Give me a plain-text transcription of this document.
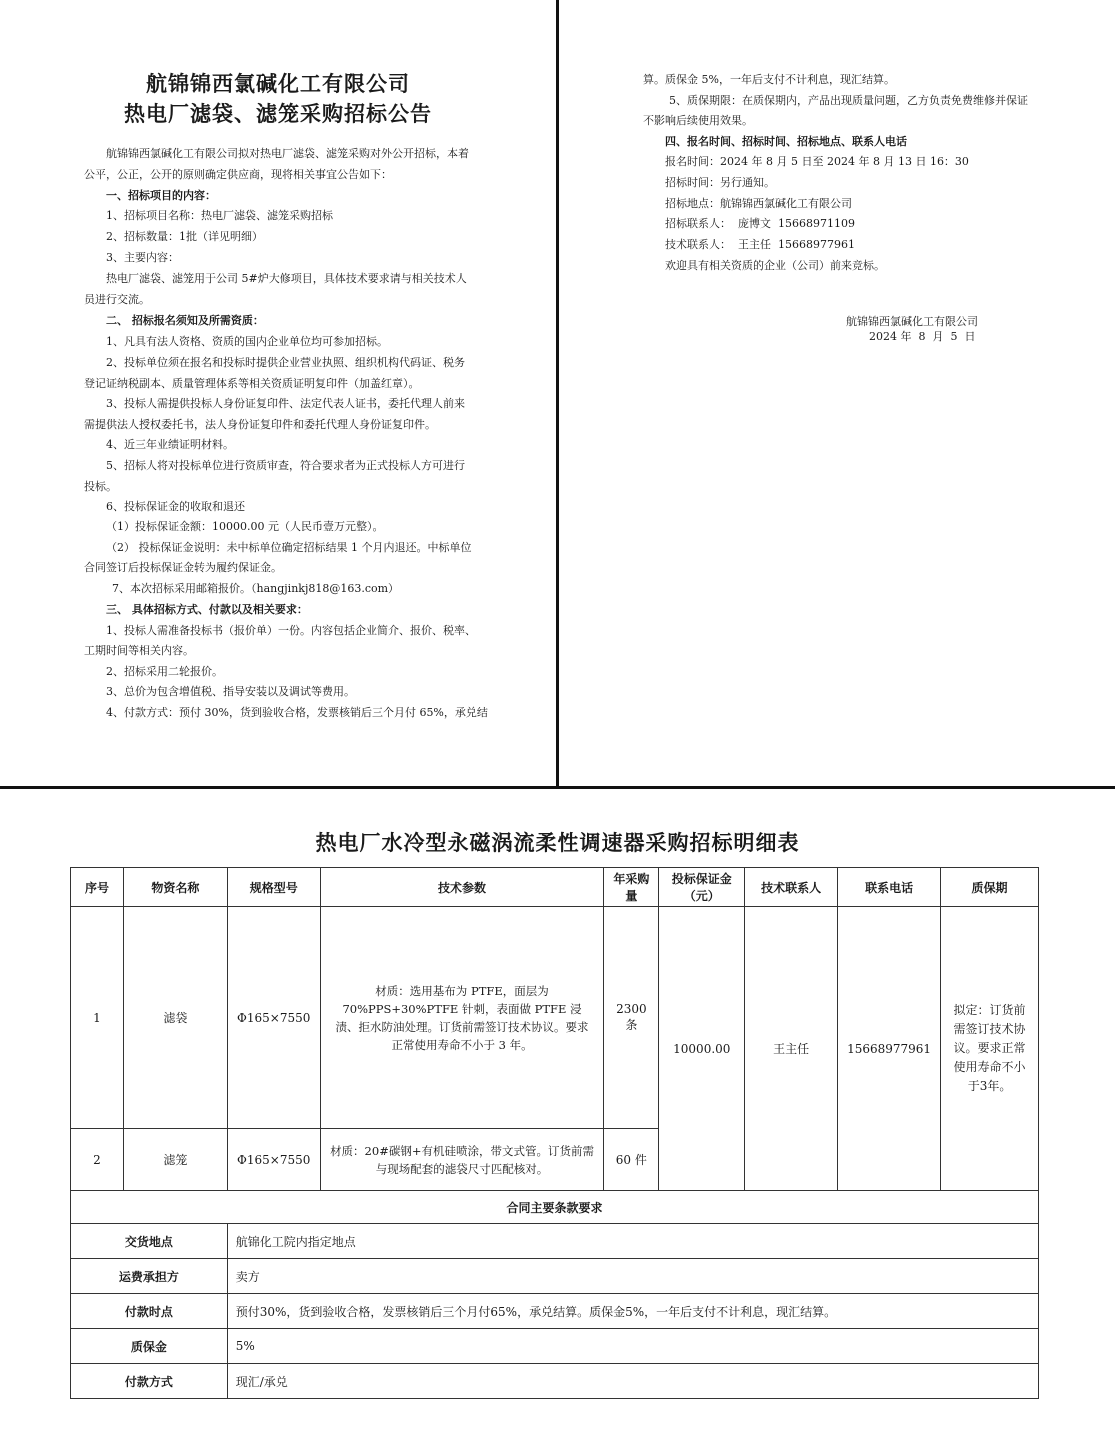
航锦锦西氯碱化工有限公司
热电厂滤袋、滤笼采购招标公告
航锦锦西氯碱化工有限公司拟对热电厂滤袋、滤笼采购对外公开招标，本着
公平，公正，公开的原则确定供应商，现将相关事宜公告如下：
一、招标项目的内容：
1、招标项目名称：热电厂滤袋、滤笼采购招标
2、招标数量：1批（详见明细）
3、主要内容：
热电厂滤袋、滤笼用于公司 5#炉大修项目，具体技术要求请与相关技术人
员进行交流。
二、 招标报名须知及所需资质：
1、凡具有法人资格、资质的国内企业单位均可参加招标。
2、投标单位须在报名和投标时提供企业营业执照、组织机构代码证、税务
登记证纳税副本、质量管理体系等相关资质证明复印件（加盖红章）。
3、投标人需提供投标人身份证复印件、法定代表人证书，委托代理人前来
需提供法人授权委托书，法人身份证复印件和委托代理人身份证复印件。
4、近三年业绩证明材料。
5、招标人将对投标单位进行资质审查，符合要求者为正式投标人方可进行
投标。
6、投标保证金的收取和退还
（1）投标保证金额：10000.00 元（人民币壹万元整）。
（2） 投标保证金说明：未中标单位确定招标结果 1 个月内退还。中标单位
合同签订后投标保证金转为履约保证金。
7、本次招标采用邮箱报价。（hangjinkj818@163.com）
三、 具体招标方式、付款以及相关要求：
1、投标人需准备投标书（报价单）一份。内容包括企业简介、报价、税率、
工期时间等相关内容。
2、招标采用二轮报价。
3、总价为包含增值税、指导安装以及调试等费用。
4、付款方式：预付 30%，货到验收合格，发票核销后三个月付 65%，承兑结
算。质保金 5%，一年后支付不计利息，现汇结算。
5、质保期限：在质保期内，产品出现质量问题，乙方负责免费维修并保证
不影响后续使用效果。
四、报名时间、招标时间、招标地点、联系人电话
报名时间：2024 年 8 月 5 日至 2024 年 8 月 13 日 16：30
招标时间：另行通知。
招标地点：航锦锦西氯碱化工有限公司
招标联系人：  庞博文  15668971109
技术联系人：  王主任  15668977961
欢迎具有相关资质的企业（公司）前来竞标。
航锦锦西氯碱化工有限公司
2024 年  8  月  5  日
热电厂水冷型永磁涡流柔性调速器采购招标明细表
序号	物资名称	规格型号	技术参数	年采购量	投标保证金（元）	技术联系人	联系电话	质保期
1	滤袋	Φ165×7550	材质：选用基布为 PTFE，面层为 70%PPS+30%PTFE 针刺，表面做 PTFE 浸渍、拒水防油处理。订货前需签订技术协议。要求正常使用寿命不小于 3 年。	2300 条	10000.00	王主任	15668977961	拟定：订货前需签订技术协议。要求正常使用寿命不小于3年。
2	滤笼	Φ165×7550	材质：20#碳钢+有机硅喷涂，带文式管。订货前需与现场配套的滤袋尺寸匹配核对。	60 件				
合同主要条款要求								
交货地点		航锦化工院内指定地点						
运费承担方		卖方						
付款时点		预付30%，货到验收合格，发票核销后三个月付65%，承兑结算。质保金5%，一年后支付不计利息，现汇结算。						
质保金		5%						
付款方式		现汇/承兑						
